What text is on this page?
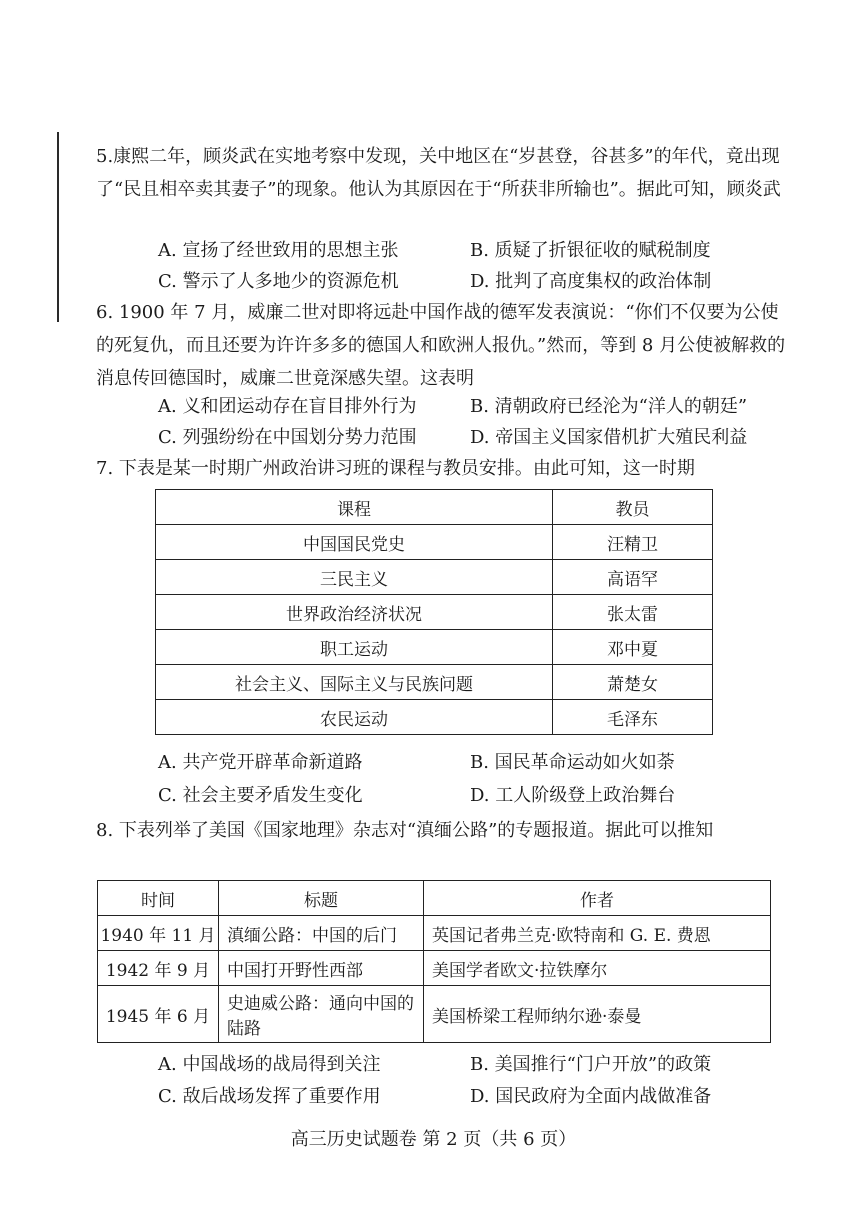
5.康熙二年，顾炎武在实地考察中发现，关中地区在“岁甚登，谷甚多”的年代，竟出现了“民且相卒卖其妻子”的现象。他认为其原因在于“所获非所输也”。据此可知，顾炎武
A. 宣扬了经世致用的思想主张	B. 质疑了折银征收的赋税制度
C. 警示了人多地少的资源危机	D. 批判了高度集权的政治体制
6. 1900 年 7 月，威廉二世对即将远赴中国作战的德军发表演说：“你们不仅要为公使的死复仇，而且还要为许许多多的德国人和欧洲人报仇。”然而，等到 8 月公使被解救的消息传回德国时，威廉二世竟深感失望。这表明
A. 义和团运动存在盲目排外行为	B. 清朝政府已经沦为“洋人的朝廷”
C. 列强纷纷在中国划分势力范围	D. 帝国主义国家借机扩大殖民利益
7. 下表是某一时期广州政治讲习班的课程与教员安排。由此可知，这一时期
课程	教员
中国国民党史	汪精卫
三民主义	高语罕
世界政治经济状况	张太雷
职工运动	邓中夏
社会主义、国际主义与民族问题	萧楚女
农民运动	毛泽东
A. 共产党开辟革命新道路	B. 国民革命运动如火如荼
C. 社会主要矛盾发生变化	D. 工人阶级登上政治舞台
8. 下表列举了美国《国家地理》杂志对“滇缅公路”的专题报道。据此可以推知
时间	标题	作者
1940 年 11 月	滇缅公路：中国的后门	英国记者弗兰克·欧特南和 G. E. 费恩
1942 年 9 月	中国打开野性西部	美国学者欧文·拉铁摩尔
1945 年 6 月	史迪威公路：通向中国的陆路	美国桥梁工程师纳尔逊·泰曼
A. 中国战场的战局得到关注	B. 美国推行“门户开放”的政策
C. 敌后战场发挥了重要作用	D. 国民政府为全面内战做准备
高三历史试题卷 第 2 页（共 6 页）
